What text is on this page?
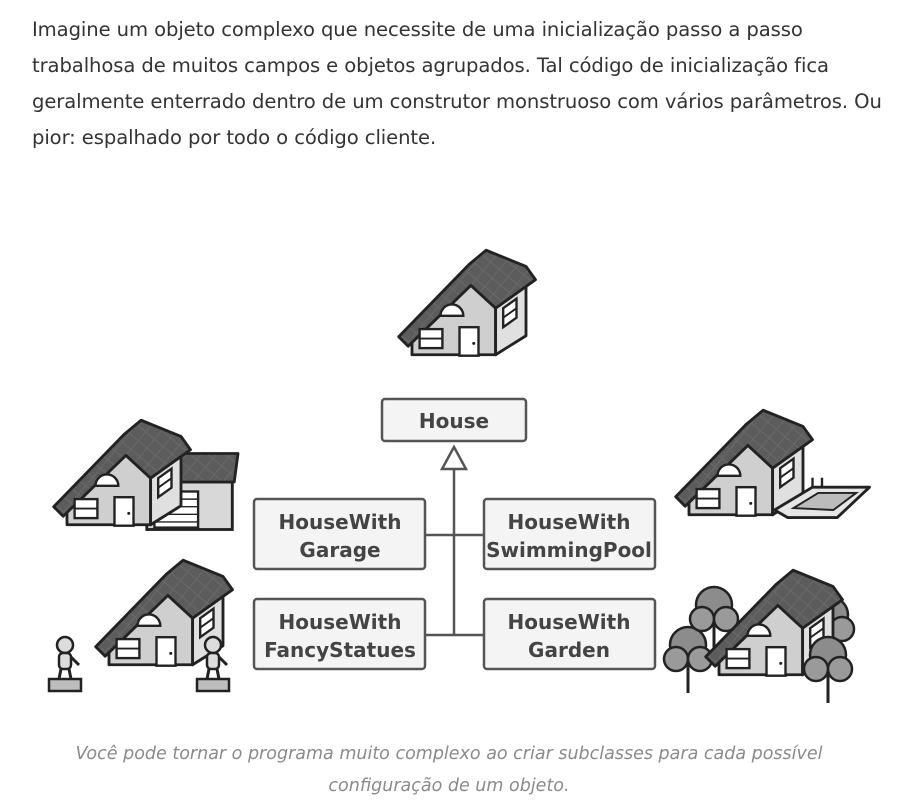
Imagine um objeto complexo que necessite de uma inicialização passo a passo trabalhosa de muitos campos e objetos agrupados. Tal código de inicialização fica geralmente enterrado dentro de um construtor monstruoso com vários parâmetros. Ou pior: espalhado por todo o código cliente.

House
HouseWith
Garage
HouseWith
SwimmingPool
HouseWith
FancyStatues
HouseWith
Garden

Você pode tornar o programa muito complexo ao criar subclasses para cada possível configuração de um objeto.
